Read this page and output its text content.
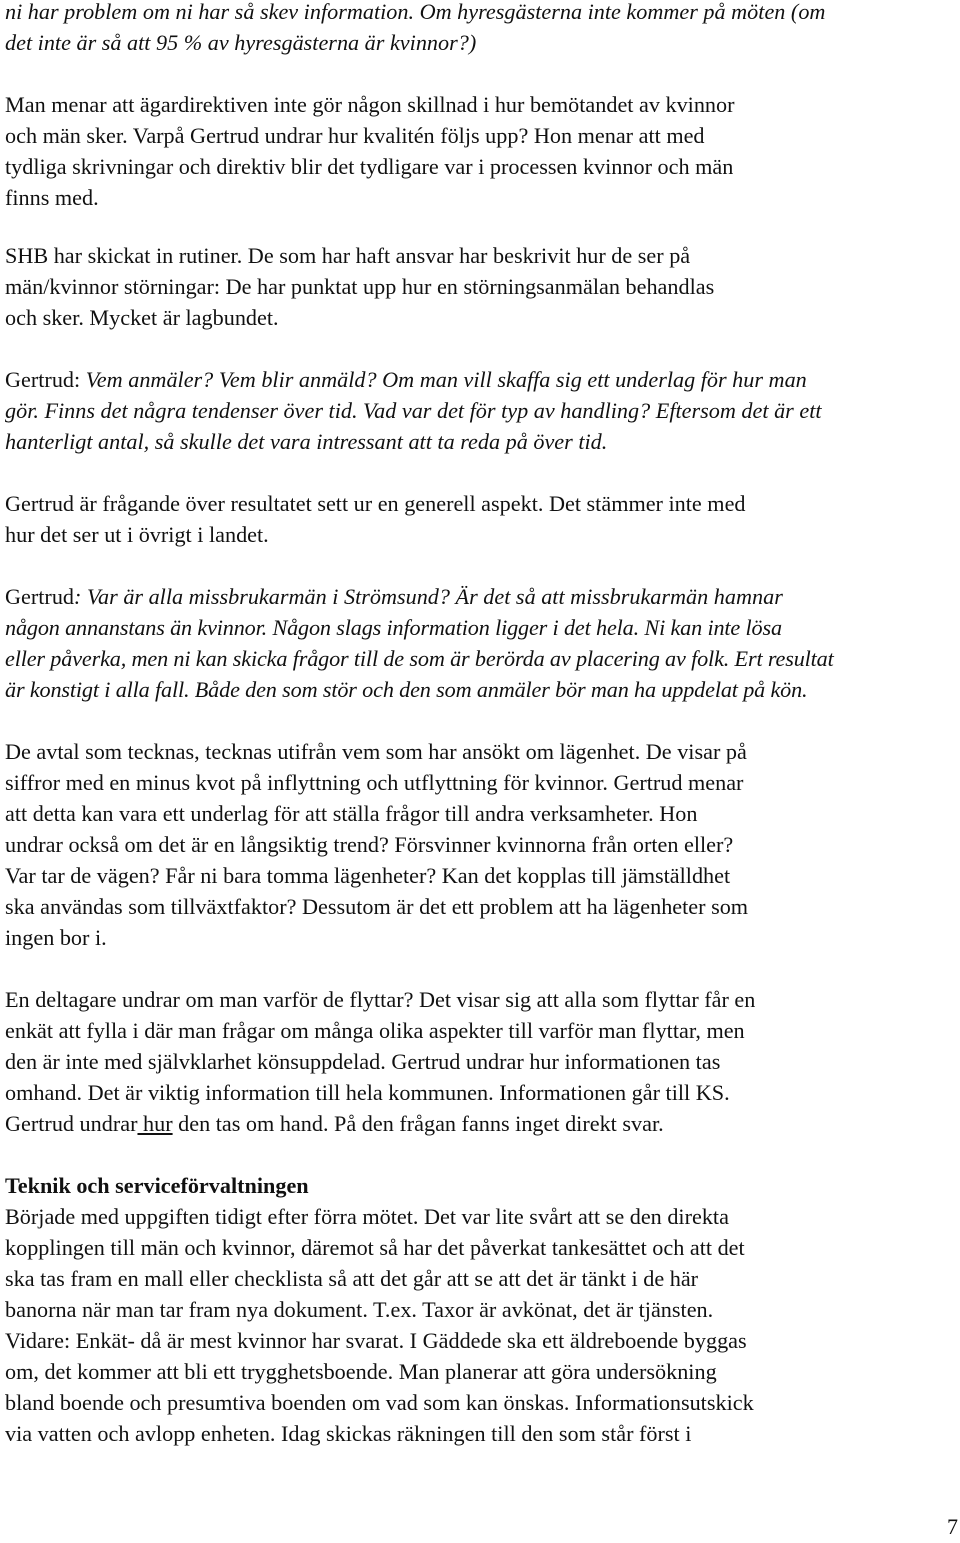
ni har problem om ni har så skev information. Om hyresgästerna inte kommer på möten (om
det inte är så att 95 % av hyresgästerna är kvinnor?)
Man menar att ägardirektiven inte gör någon skillnad i hur bemötandet av kvinnor
och män sker. Varpå Gertrud undrar hur kvalitén följs upp? Hon menar att med
tydliga skrivningar och direktiv blir det tydligare var i processen kvinnor och män
finns med.
SHB har skickat in rutiner. De som har haft ansvar har beskrivit hur de ser på
män/kvinnor störningar: De har punktat upp hur en störningsanmälan behandlas
och sker. Mycket är lagbundet.
Gertrud: Vem anmäler? Vem blir anmäld? Om man vill skaffa sig ett underlag för hur man
gör. Finns det några tendenser över tid. Vad var det för typ av handling? Eftersom det är ett
hanterligt antal, så skulle det vara intressant att ta reda på över tid.
Gertrud är frågande över resultatet sett ur en generell aspekt. Det stämmer inte med
hur det ser ut i övrigt i landet.
Gertrud: Var är alla missbrukarmän i Strömsund? Är det så att missbrukarmän hamnar
någon annanstans än kvinnor. Någon slags information ligger i det hela. Ni kan inte lösa
eller påverka, men ni kan skicka frågor till de som är berörda av placering av folk. Ert resultat
är konstigt i alla fall. Både den som stör och den som anmäler bör man ha uppdelat på kön.
De avtal som tecknas, tecknas utifrån vem som har ansökt om lägenhet. De visar på
siffror med en minus kvot på inflyttning och utflyttning för kvinnor. Gertrud menar
att detta kan vara ett underlag för att ställa frågor till andra verksamheter. Hon
undrar också om det är en långsiktig trend? Försvinner kvinnorna från orten eller?
Var tar de vägen? Får ni bara tomma lägenheter? Kan det kopplas till jämställdhet
ska användas som tillväxtfaktor? Dessutom är det ett problem att ha lägenheter som
ingen bor i.
En deltagare undrar om man varför de flyttar? Det visar sig att alla som flyttar får en
enkät att fylla i där man frågar om många olika aspekter till varför man flyttar, men
den är inte med självklarhet könsuppdelad. Gertrud undrar hur informationen tas
omhand. Det är viktig information till hela kommunen. Informationen går till KS.
Gertrud undrar hur den tas om hand. På den frågan fanns inget direkt svar.
Teknik och serviceförvaltningen
Började med uppgiften tidigt efter förra mötet. Det var lite svårt att se den direkta
kopplingen till män och kvinnor, däremot så har det påverkat tankesättet och att det
ska tas fram en mall eller checklista så att det går att se att det är tänkt i de här
banorna när man tar fram nya dokument. T.ex. Taxor är avkönat, det är tjänsten.
Vidare: Enkät- då är mest kvinnor har svarat. I Gäddede ska ett äldreboende byggas
om, det kommer att bli ett trygghetsboende. Man planerar att göra undersökning
bland boende och presumtiva boenden om vad som kan önskas. Informationsutskick
via vatten och avlopp enheten. Idag skickas räkningen till den som står först i
7
